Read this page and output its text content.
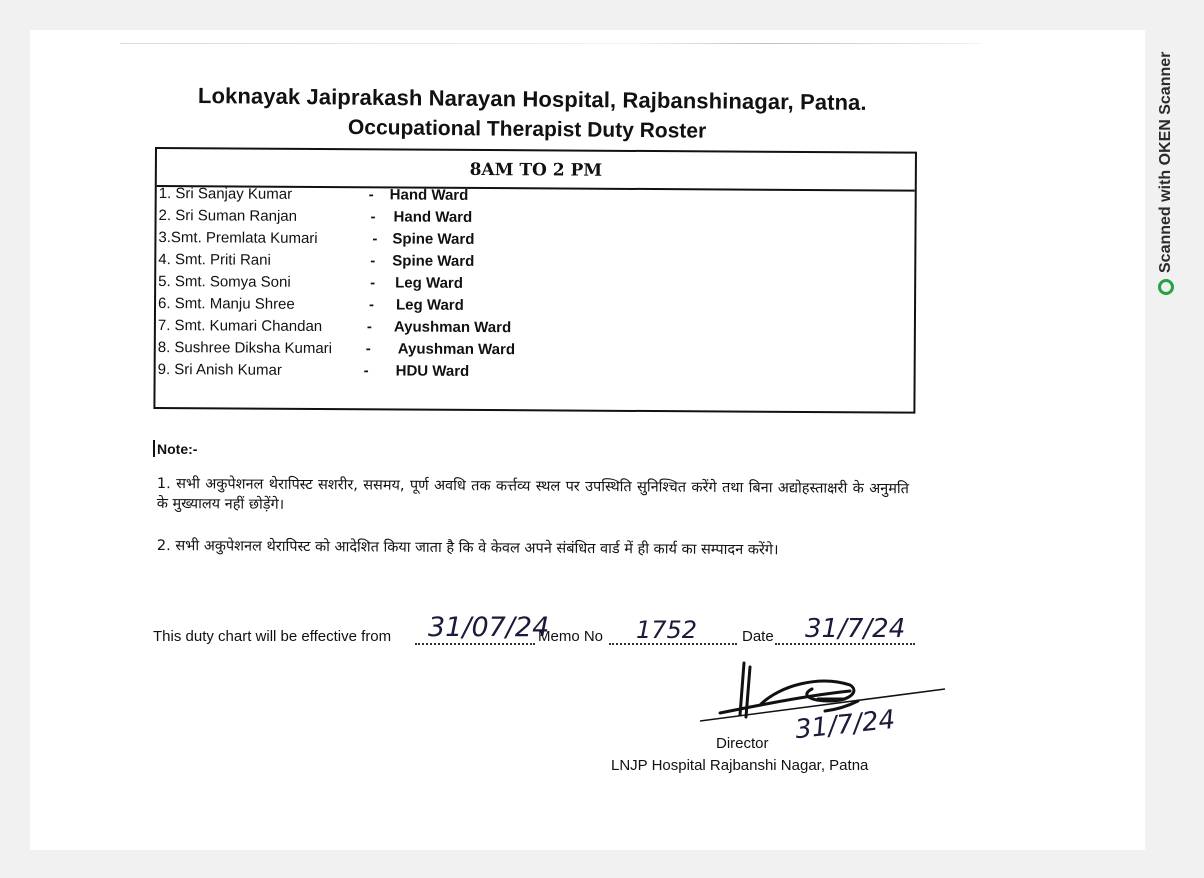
Loknayak Jaiprakash Narayan Hospital, Rajbanshinagar, Patna.
Occupational Therapist Duty Roster
8AM TO 2 PM
1. Sri Sanjay Kumar	- Hand Ward
2. Sri Suman Ranjan	- Hand Ward
3.Smt. Premlata Kumari	- Spine Ward
4. Smt. Priti Rani	- Spine Ward
5. Smt. Somya Soni	- Leg Ward
6. Smt. Manju Shree	- Leg Ward
7. Smt. Kumari Chandan	- Ayushman Ward
8. Sushree Diksha Kumari - Ayushman Ward
9. Sri Anish Kumar	- HDU Ward
Note:-
1. सभी अकुपेशनल थेरापिस्ट सशरीर, ससमय, पूर्ण अवधि तक कर्त्तव्य स्थल पर उपस्थिति सुनिश्चित करेंगे तथा बिना अद्योहस्ताक्षरी के अनुमति के मुख्यालय नहीं छोड़ेंगे।
2. सभी अकुपेशनल थेरापिस्ट को आदेशित किया जाता है कि वे केवल अपने संबंधित वार्ड में ही कार्य का सम्पादन करेंगे।
This duty chart will be effective from 31/07/24
Memo No 1752	Date 31/7/24
31/7/24
Director
LNJP Hospital Rajbanshi Nagar, Patna
Scanned with OKEN Scanner
